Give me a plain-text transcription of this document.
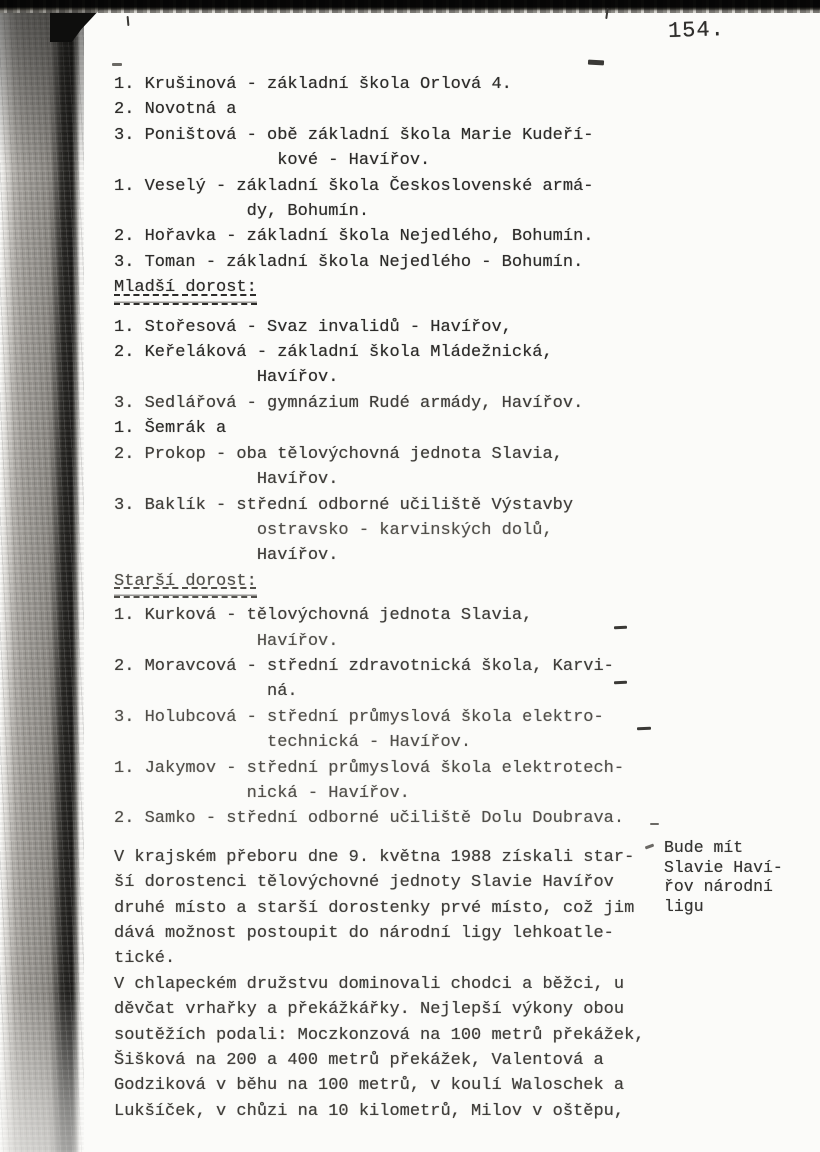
154.
1. Krušinová - základní škola Orlová 4.
2. Novotná a
3. Poništová - obě základní škola Marie Kudeří-
kové - Havířov.
1. Veselý - základní škola Československé armá-
dy, Bohumín.
2. Hořavka - základní škola Nejedlého, Bohumín.
3. Toman - základní škola Nejedlého - Bohumín.
Mladší dorost:
1. Stořesová - Svaz invalidů - Havířov,
2. Keřeláková - základní škola Mládežnická,
Havířov.
3. Sedlářová - gymnázium Rudé armády, Havířov.
1. Šemrák a
2. Prokop - oba tělovýchovná jednota Slavia,
Havířov.
3. Baklík - střední odborné učiliště Výstavby
ostravsko - karvinských dolů,
Havířov.
Starší dorost:
1. Kurková - tělovýchovná jednota Slavia,
Havířov.
2. Moravcová - střední zdravotnická škola, Karvi-
ná.
3. Holubcová - střední průmyslová škola elektro-
technická - Havířov.
1. Jakymov - střední průmyslová škola elektrotech-
nická - Havířov.
2. Samko - střední odborné učiliště Dolu Doubrava.
V krajském přeboru dne 9. května 1988 získali star-
ší dorostenci tělovýchovné jednoty Slavie Havířov
druhé místo a starší dorostenky prvé místo, což jim
dává možnost postoupit do národní ligy lehkoatle-
tické.
V chlapeckém družstvu dominovali chodci a běžci, u
děvčat vrhařky a překážkářky. Nejlepší výkony obou
soutěžích podali: Moczkonzová na 100 metrů překážek,
Šišková na 200 a 400 metrů překážek, Valentová a
Godziková v běhu na 100 metrů, v koulí Waloschek a
Lukšíček, v chůzi na 10 kilometrů, Milov v oštěpu,
Bude mít
Slavie Haví-
řov národní
ligu
